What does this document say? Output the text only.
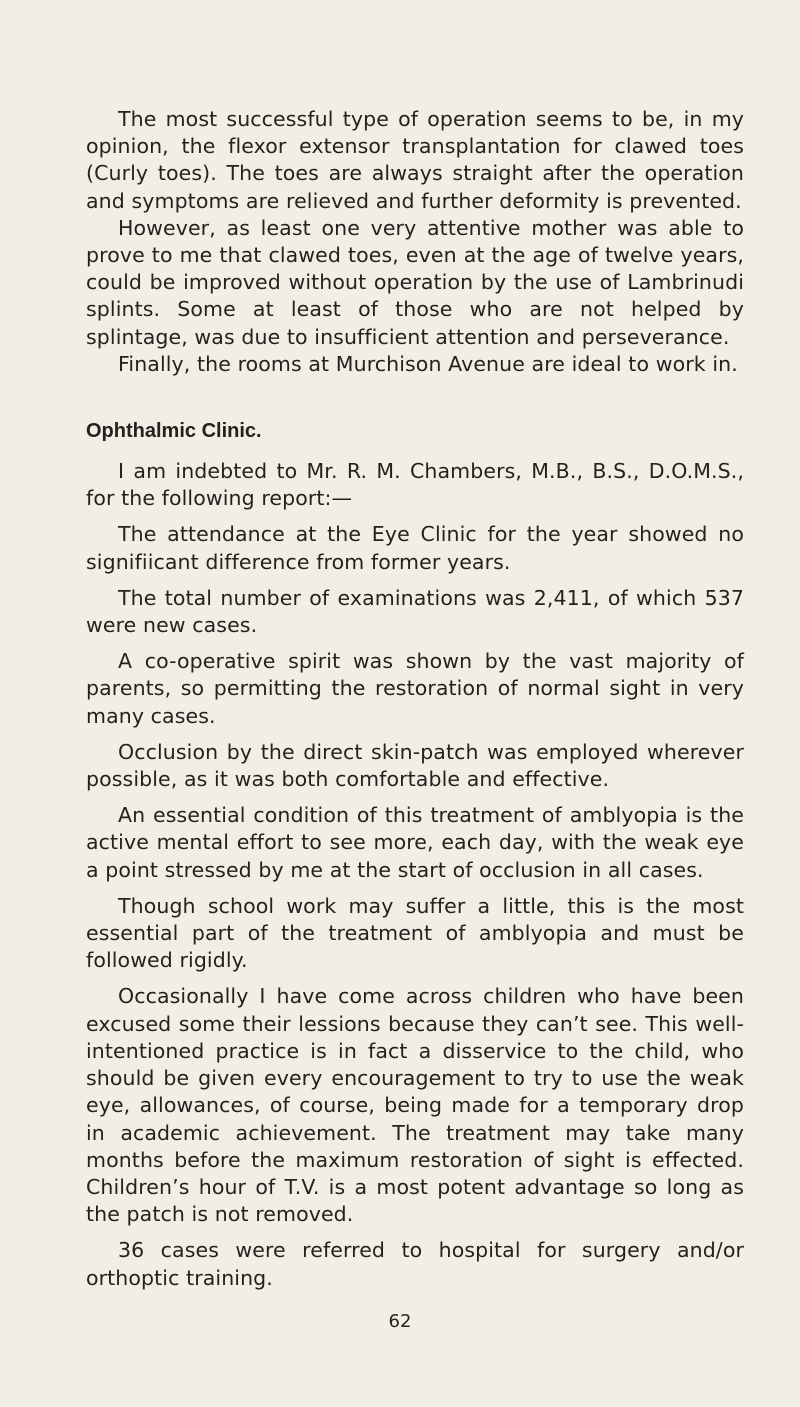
The most successful type of operation seems to be, in my opinion, the flexor extensor transplantation for clawed toes (Curly toes). The toes are always straight after the operation and symptoms are relieved and further deformity is prevented.

However, as least one very attentive mother was able to prove to me that clawed toes, even at the age of twelve years, could be improved without operation by the use of Lambrinudi splints. Some at least of those who are not helped by splintage, was due to insufficient attention and perseverance.

Finally, the rooms at Murchison Avenue are ideal to work in.

Ophthalmic Clinic.

I am indebted to Mr. R. M. Chambers, M.B., B.S., D.O.M.S., for the following report:—

The attendance at the Eye Clinic for the year showed no signifiicant difference from former years.

The total number of examinations was 2,411, of which 537 were new cases.

A co-operative spirit was shown by the vast majority of parents, so permitting the restoration of normal sight in very many cases.

Occlusion by the direct skin-patch was employed wherever possible, as it was both comfortable and effective.

An essential condition of this treatment of amblyopia is the active mental effort to see more, each day, with the weak eye a point stressed by me at the start of occlusion in all cases.

Though school work may suffer a little, this is the most essential part of the treatment of amblyopia and must be followed rigidly.

Occasionally I have come across children who have been excused some their lessions because they can’t see. This well-intentioned practice is in fact a disservice to the child, who should be given every encouragement to try to use the weak eye, allowances, of course, being made for a temporary drop in academic achievement. The treatment may take many months before the maximum restoration of sight is effected. Children’s hour of T.V. is a most potent advantage so long as the patch is not removed.

36 cases were referred to hospital for surgery and/or orthoptic training.

62
